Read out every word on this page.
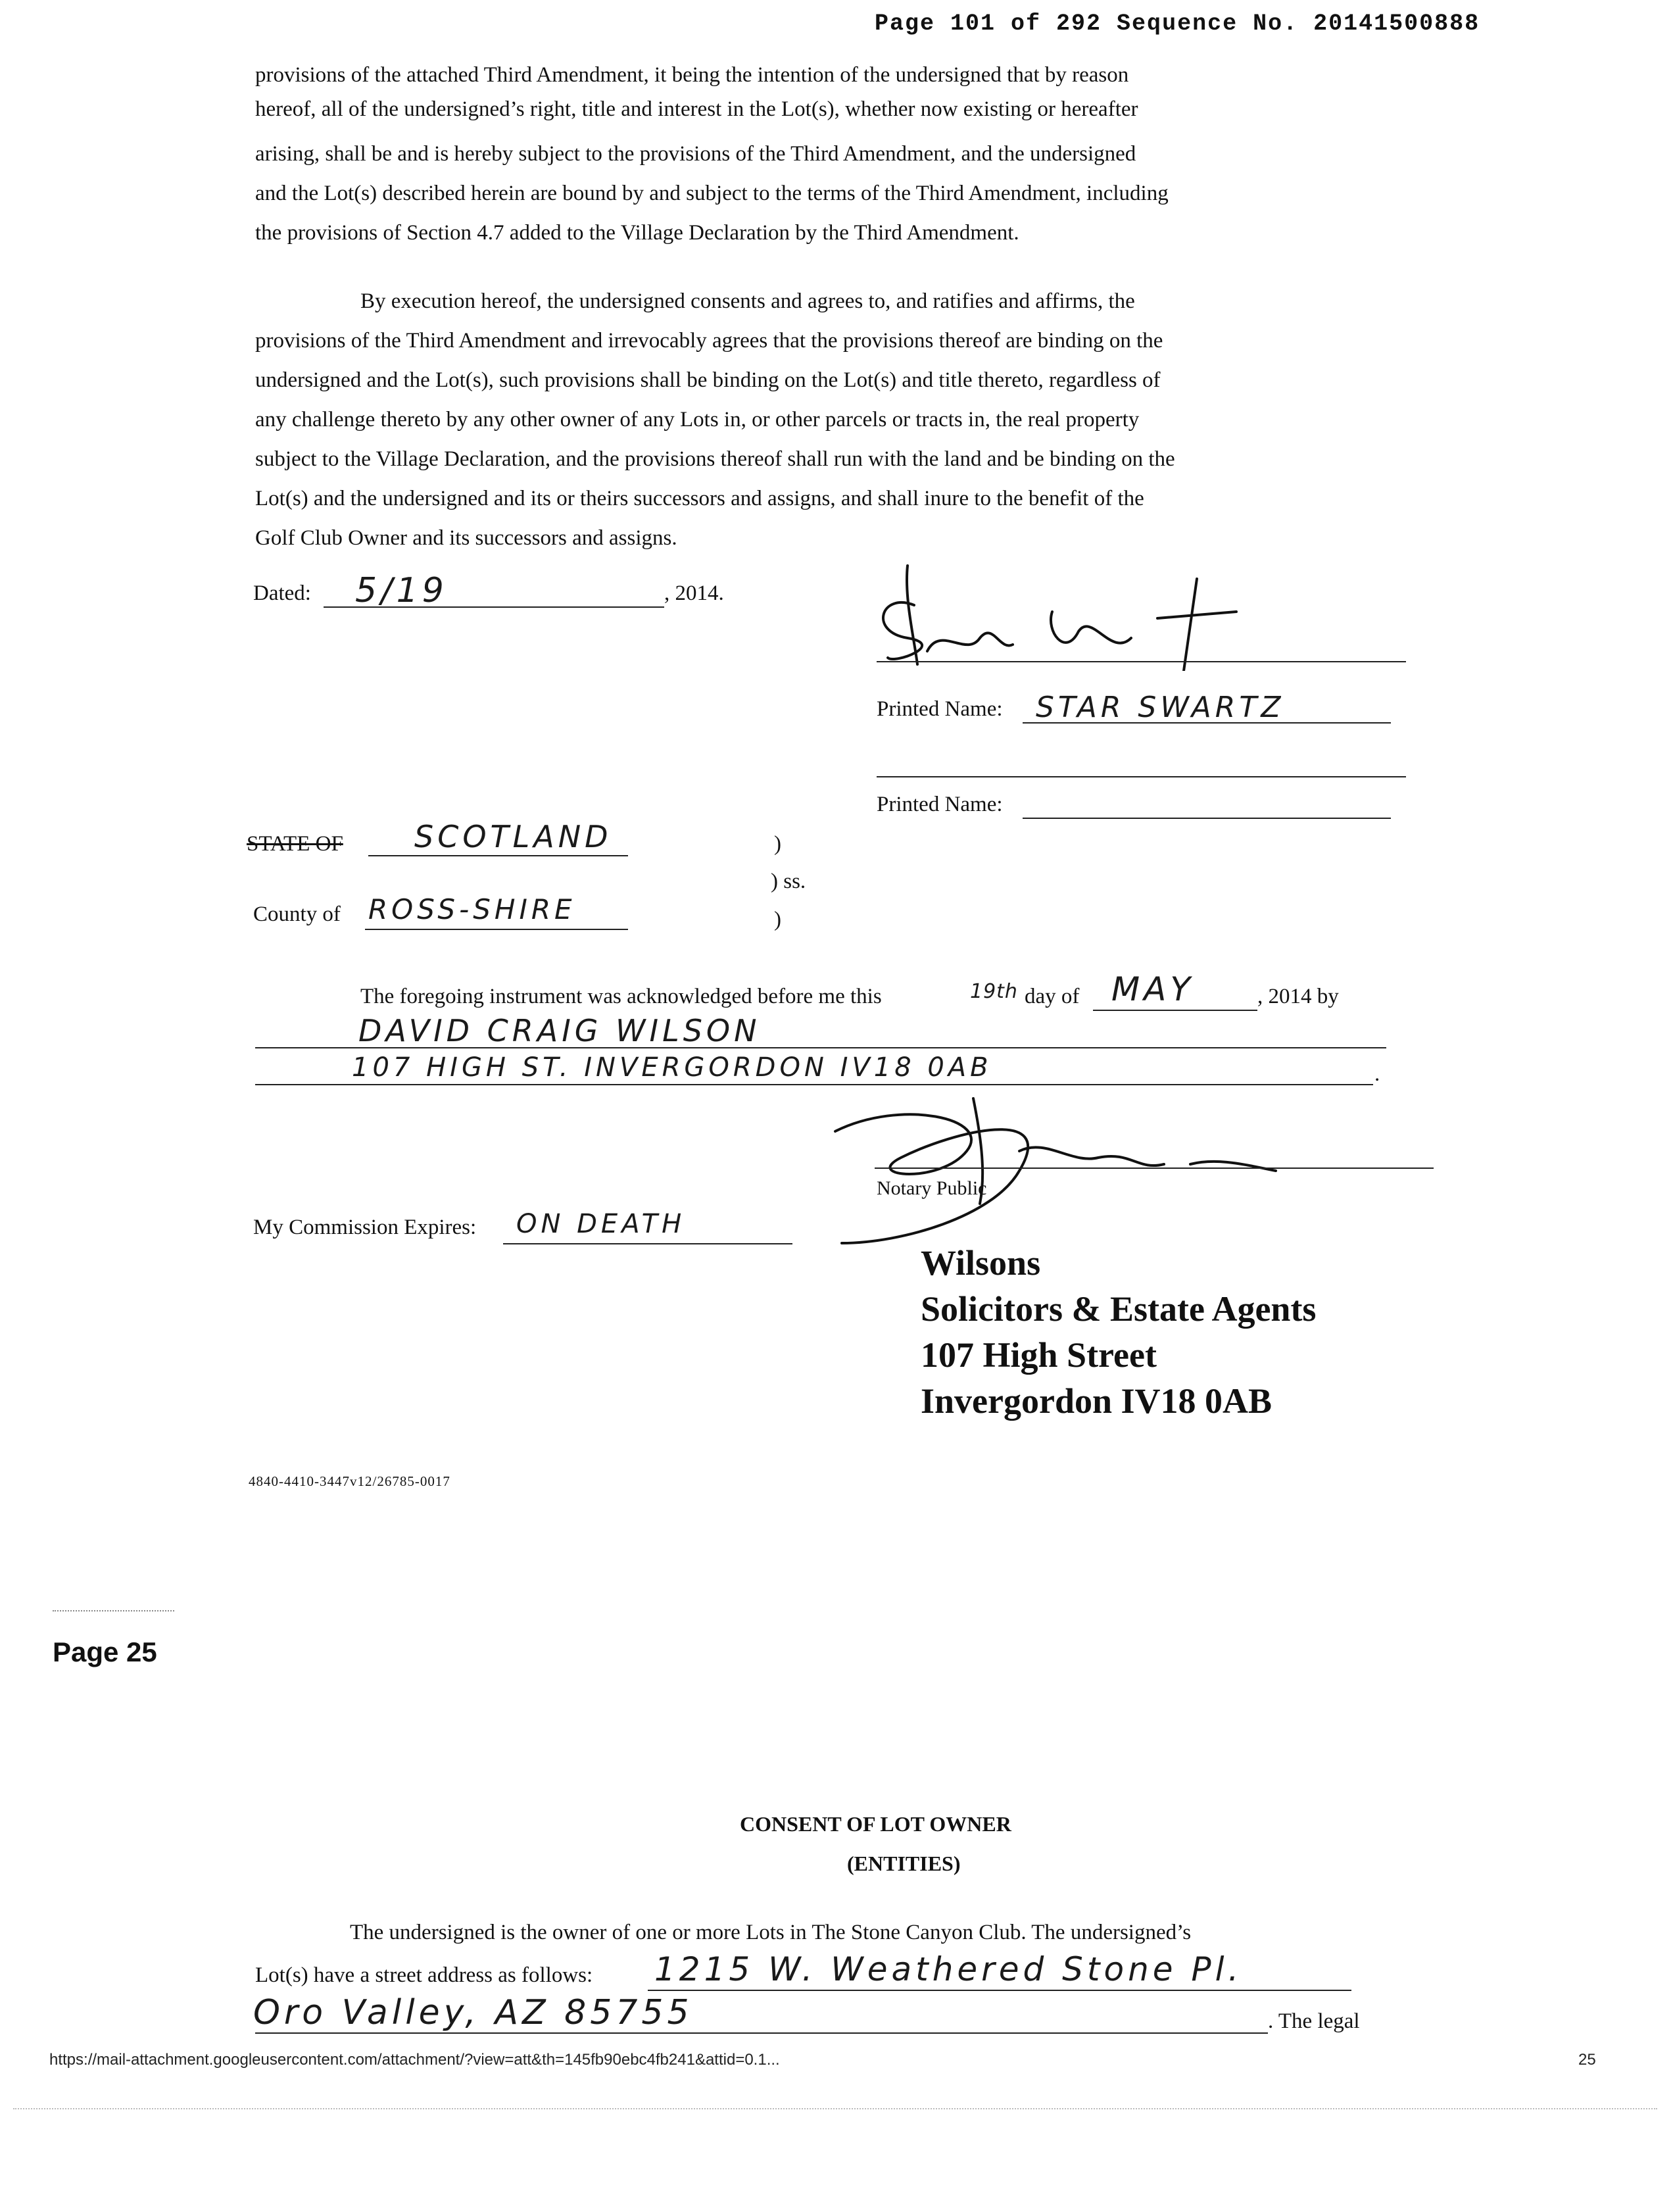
Page 101 of 292 Sequence No. 20141500888
provisions of the attached Third Amendment, it being the intention of the undersigned that by reason
hereof, all of the undersigned’s right, title and interest in the Lot(s), whether now existing or hereafter
arising, shall be and is hereby subject to the provisions of the Third Amendment, and the undersigned
and the Lot(s) described herein are bound by and subject to the terms of the Third Amendment, including
the provisions of Section 4.7 added to the Village Declaration by the Third Amendment.
By execution hereof, the undersigned consents and agrees to, and ratifies and affirms, the
provisions of the Third Amendment and irrevocably agrees that the provisions thereof are binding on the
undersigned and the Lot(s), such provisions shall be binding on the Lot(s) and title thereto, regardless of
any challenge thereto by any other owner of any Lots in, or other parcels or tracts in, the real property
subject to the Village Declaration, and the provisions thereof shall run with the land and be binding on the
Lot(s) and the undersigned and its or theirs successors and assigns, and shall inure to the benefit of the
Golf Club Owner and its successors and assigns.
Dated: 5/19	, 2014.
Printed Name: STAR SWARTZ
Printed Name:
STATE OF SCOTLAND	)
) ss.
County of ROSS-SHIRE	)
The foregoing instrument was acknowledged before me this	19th day of MAY	, 2014 by
DAVID CRAIG WILSON
107 HIGH ST. INVERGORDON IV18 0AB	.
Notary Public
My Commission Expires: ON DEATH
Wilsons
Solicitors & Estate Agents
107 High Street
Invergordon IV18 0AB
4840-4410-3447v12/26785-0017
Page 25
CONSENT OF LOT OWNER
(ENTITIES)
The undersigned is the owner of one or more Lots in The Stone Canyon Club. The undersigned’s
Lot(s) have a street address as follows: 1215 W. Weathered Stone Pl.
Oro Valley, AZ 85755	. The legal
https://mail-attachment.googleusercontent.com/attachment/?view=att&th=145fb90ebc4fb241&attid=0.1...	25
